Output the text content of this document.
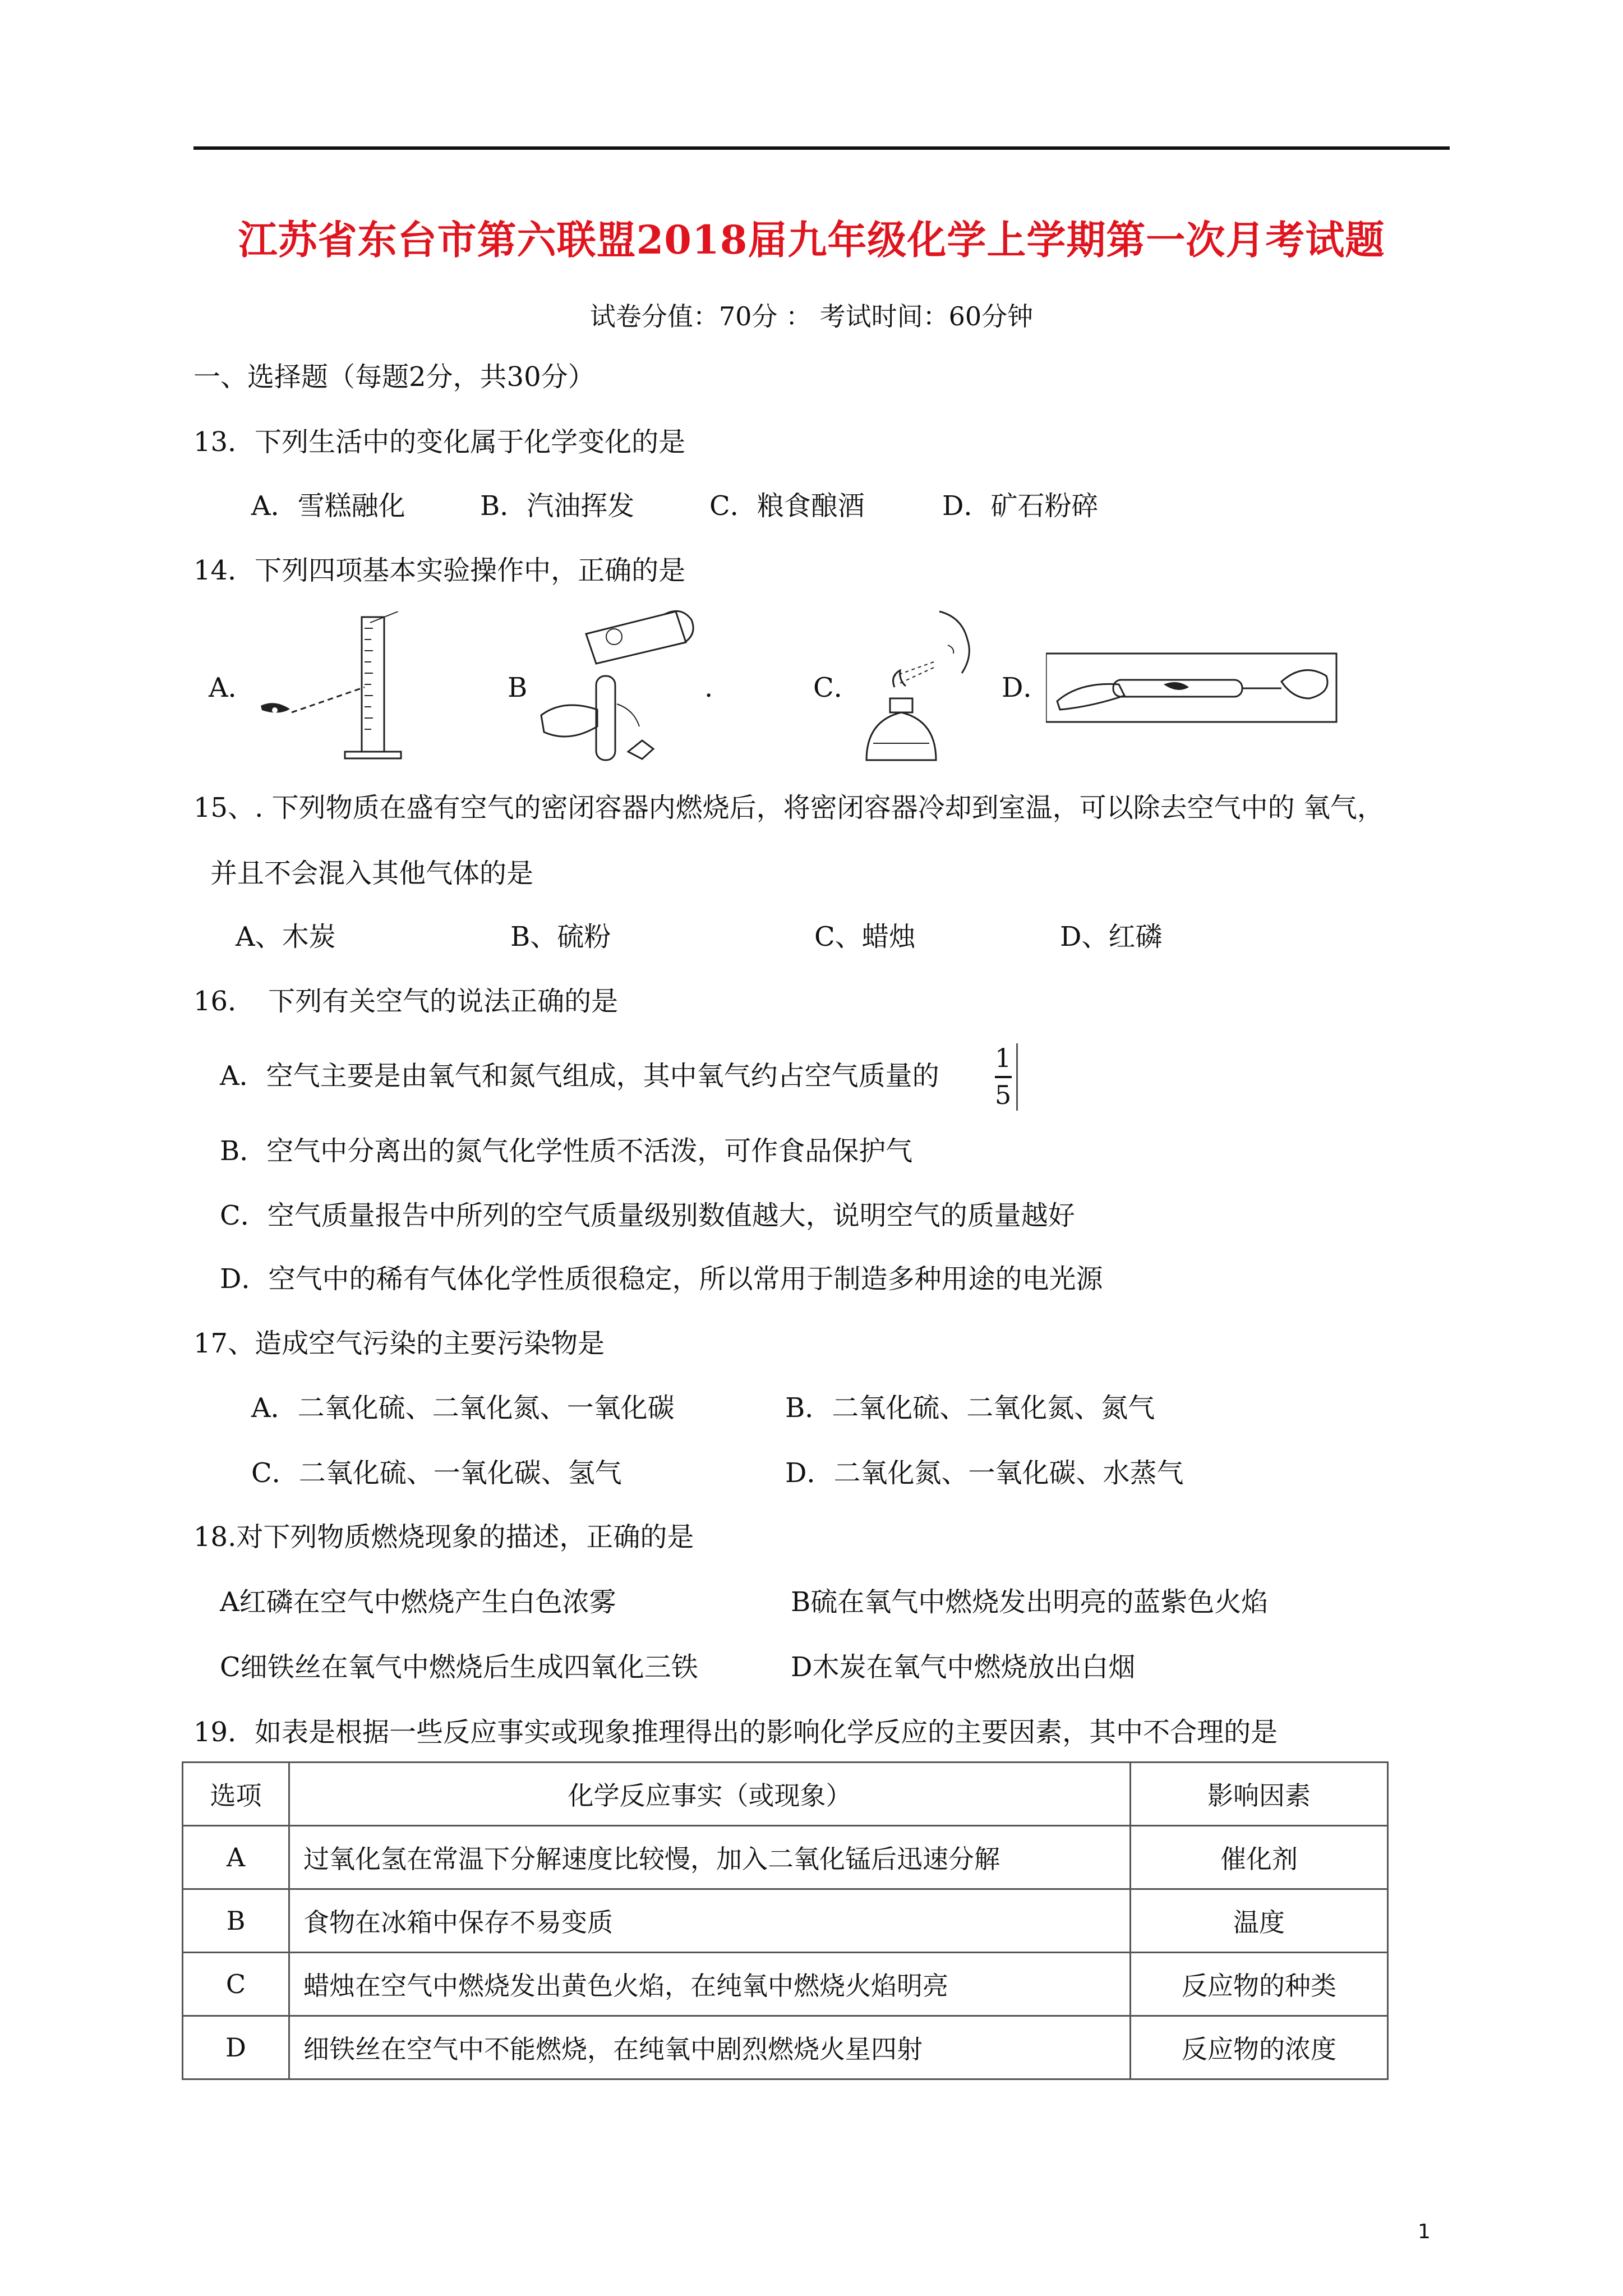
江苏省东台市第六联盟2018届九年级化学上学期第一次月考试题
试卷分值：70分 ： 考试时间：60分钟
一、选择题（每题2分，共30分）
13．下列生活中的变化属于化学变化的是
A．雪糕融化	B．汽油挥发	C．粮食酿酒	D．矿石粉碎
14．下列四项基本实验操作中，正确的是
A．	B	.	C．	D．
15、. 下列物质在盛有空气的密闭容器内燃烧后，将密闭容器冷却到室温，可以除去空气中的 氧气，
并且不会混入其他气体的是
A、木炭	B、硫粉	C、蜡烛	D、红磷
16．　下列有关空气的说法正确的是
A．空气主要是由氧气和氮气组成，其中氧气约占空气质量的
1
5
B．空气中分离出的氮气化学性质不活泼，可作食品保护气
C．空气质量报告中所列的空气质量级别数值越大，说明空气的质量越好
D．空气中的稀有气体化学性质很稳定，所以常用于制造多种用途的电光源
17、造成空气污染的主要污染物是
A．二氧化硫、二氧化氮、一氧化碳	B．二氧化硫、二氧化氮、氮气
C．二氧化硫、一氧化碳、氢气	D．二氧化氮、一氧化碳、水蒸气
18.对下列物质燃烧现象的描述，正确的是
A红磷在空气中燃烧产生白色浓雾	B硫在氧气中燃烧发出明亮的蓝紫色火焰
C细铁丝在氧气中燃烧后生成四氧化三铁	D木炭在氧气中燃烧放出白烟
19．如表是根据一些反应事实或现象推理得出的影响化学反应的主要因素，其中不合理的是
选项	化学反应事实（或现象）	影响因素
A	过氧化氢在常温下分解速度比较慢，加入二氧化锰后迅速分解	催化剂
B	食物在冰箱中保存不易变质	温度
C	蜡烛在空气中燃烧发出黄色火焰，在纯氧中燃烧火焰明亮	反应物的种类
D	细铁丝在空气中不能燃烧，在纯氧中剧烈燃烧火星四射	反应物的浓度
1
